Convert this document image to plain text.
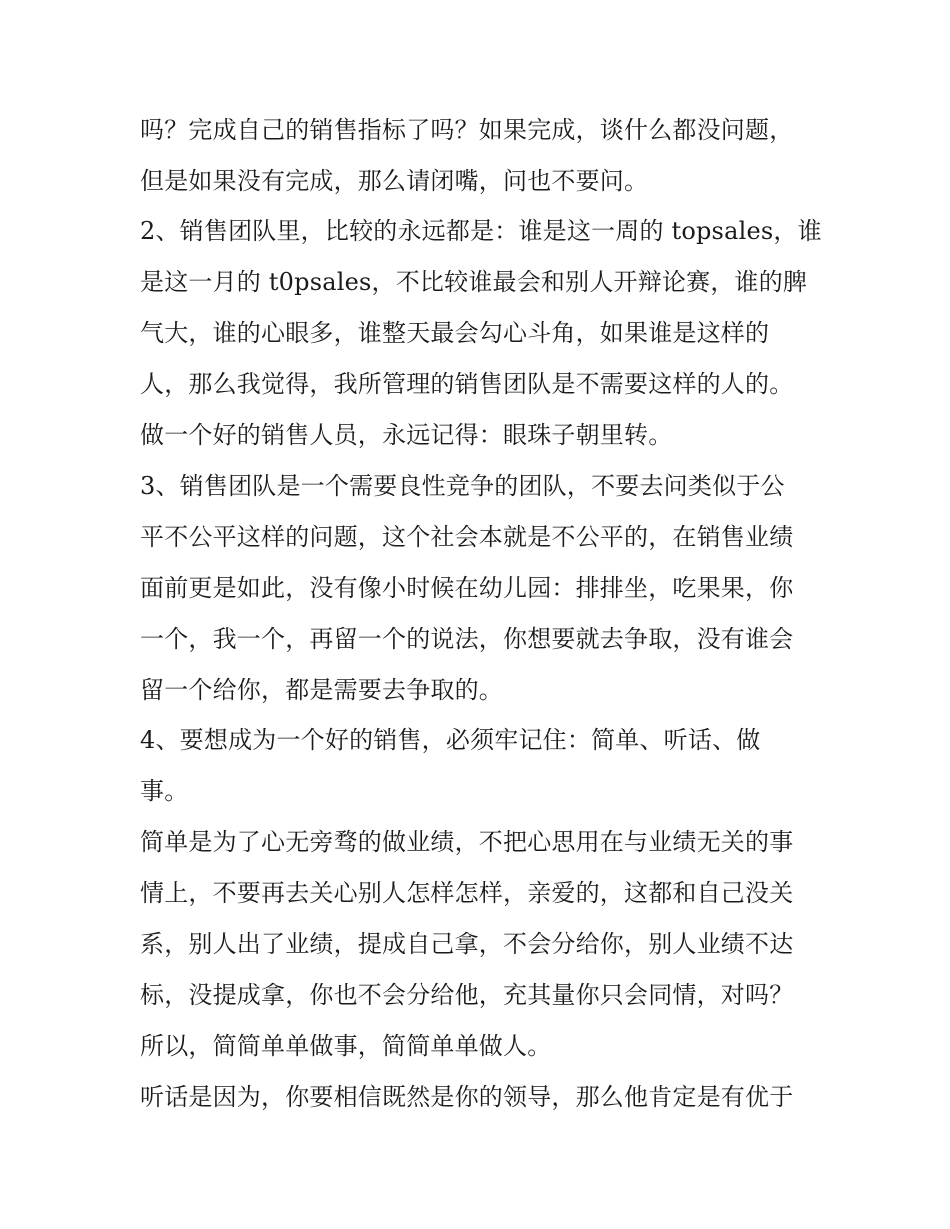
吗？完成自己的销售指标了吗？如果完成，谈什么都没问题，
但是如果没有完成，那么请闭嘴，问也不要问。
2、销售团队里，比较的永远都是：谁是这一周的 topsales，谁
是这一月的 t0psales，不比较谁最会和别人开辩论赛，谁的脾
气大，谁的心眼多，谁整天最会勾心斗角，如果谁是这样的
人，那么我觉得，我所管理的销售团队是不需要这样的人的。
做一个好的销售人员，永远记得：眼珠子朝里转。
3、销售团队是一个需要良性竞争的团队，不要去问类似于公
平不公平这样的问题，这个社会本就是不公平的，在销售业绩
面前更是如此，没有像小时候在幼儿园：排排坐，吃果果，你
一个，我一个，再留一个的说法，你想要就去争取，没有谁会
留一个给你，都是需要去争取的。
4、要想成为一个好的销售，必须牢记住：简单、听话、做
事。
简单是为了心无旁骛的做业绩，不把心思用在与业绩无关的事
情上，不要再去关心别人怎样怎样，亲爱的，这都和自己没关
系，别人出了业绩，提成自己拿，不会分给你，别人业绩不达
标，没提成拿，你也不会分给他，充其量你只会同情，对吗？
所以，简简单单做事，简简单单做人。
听话是因为，你要相信既然是你的领导，那么他肯定是有优于
